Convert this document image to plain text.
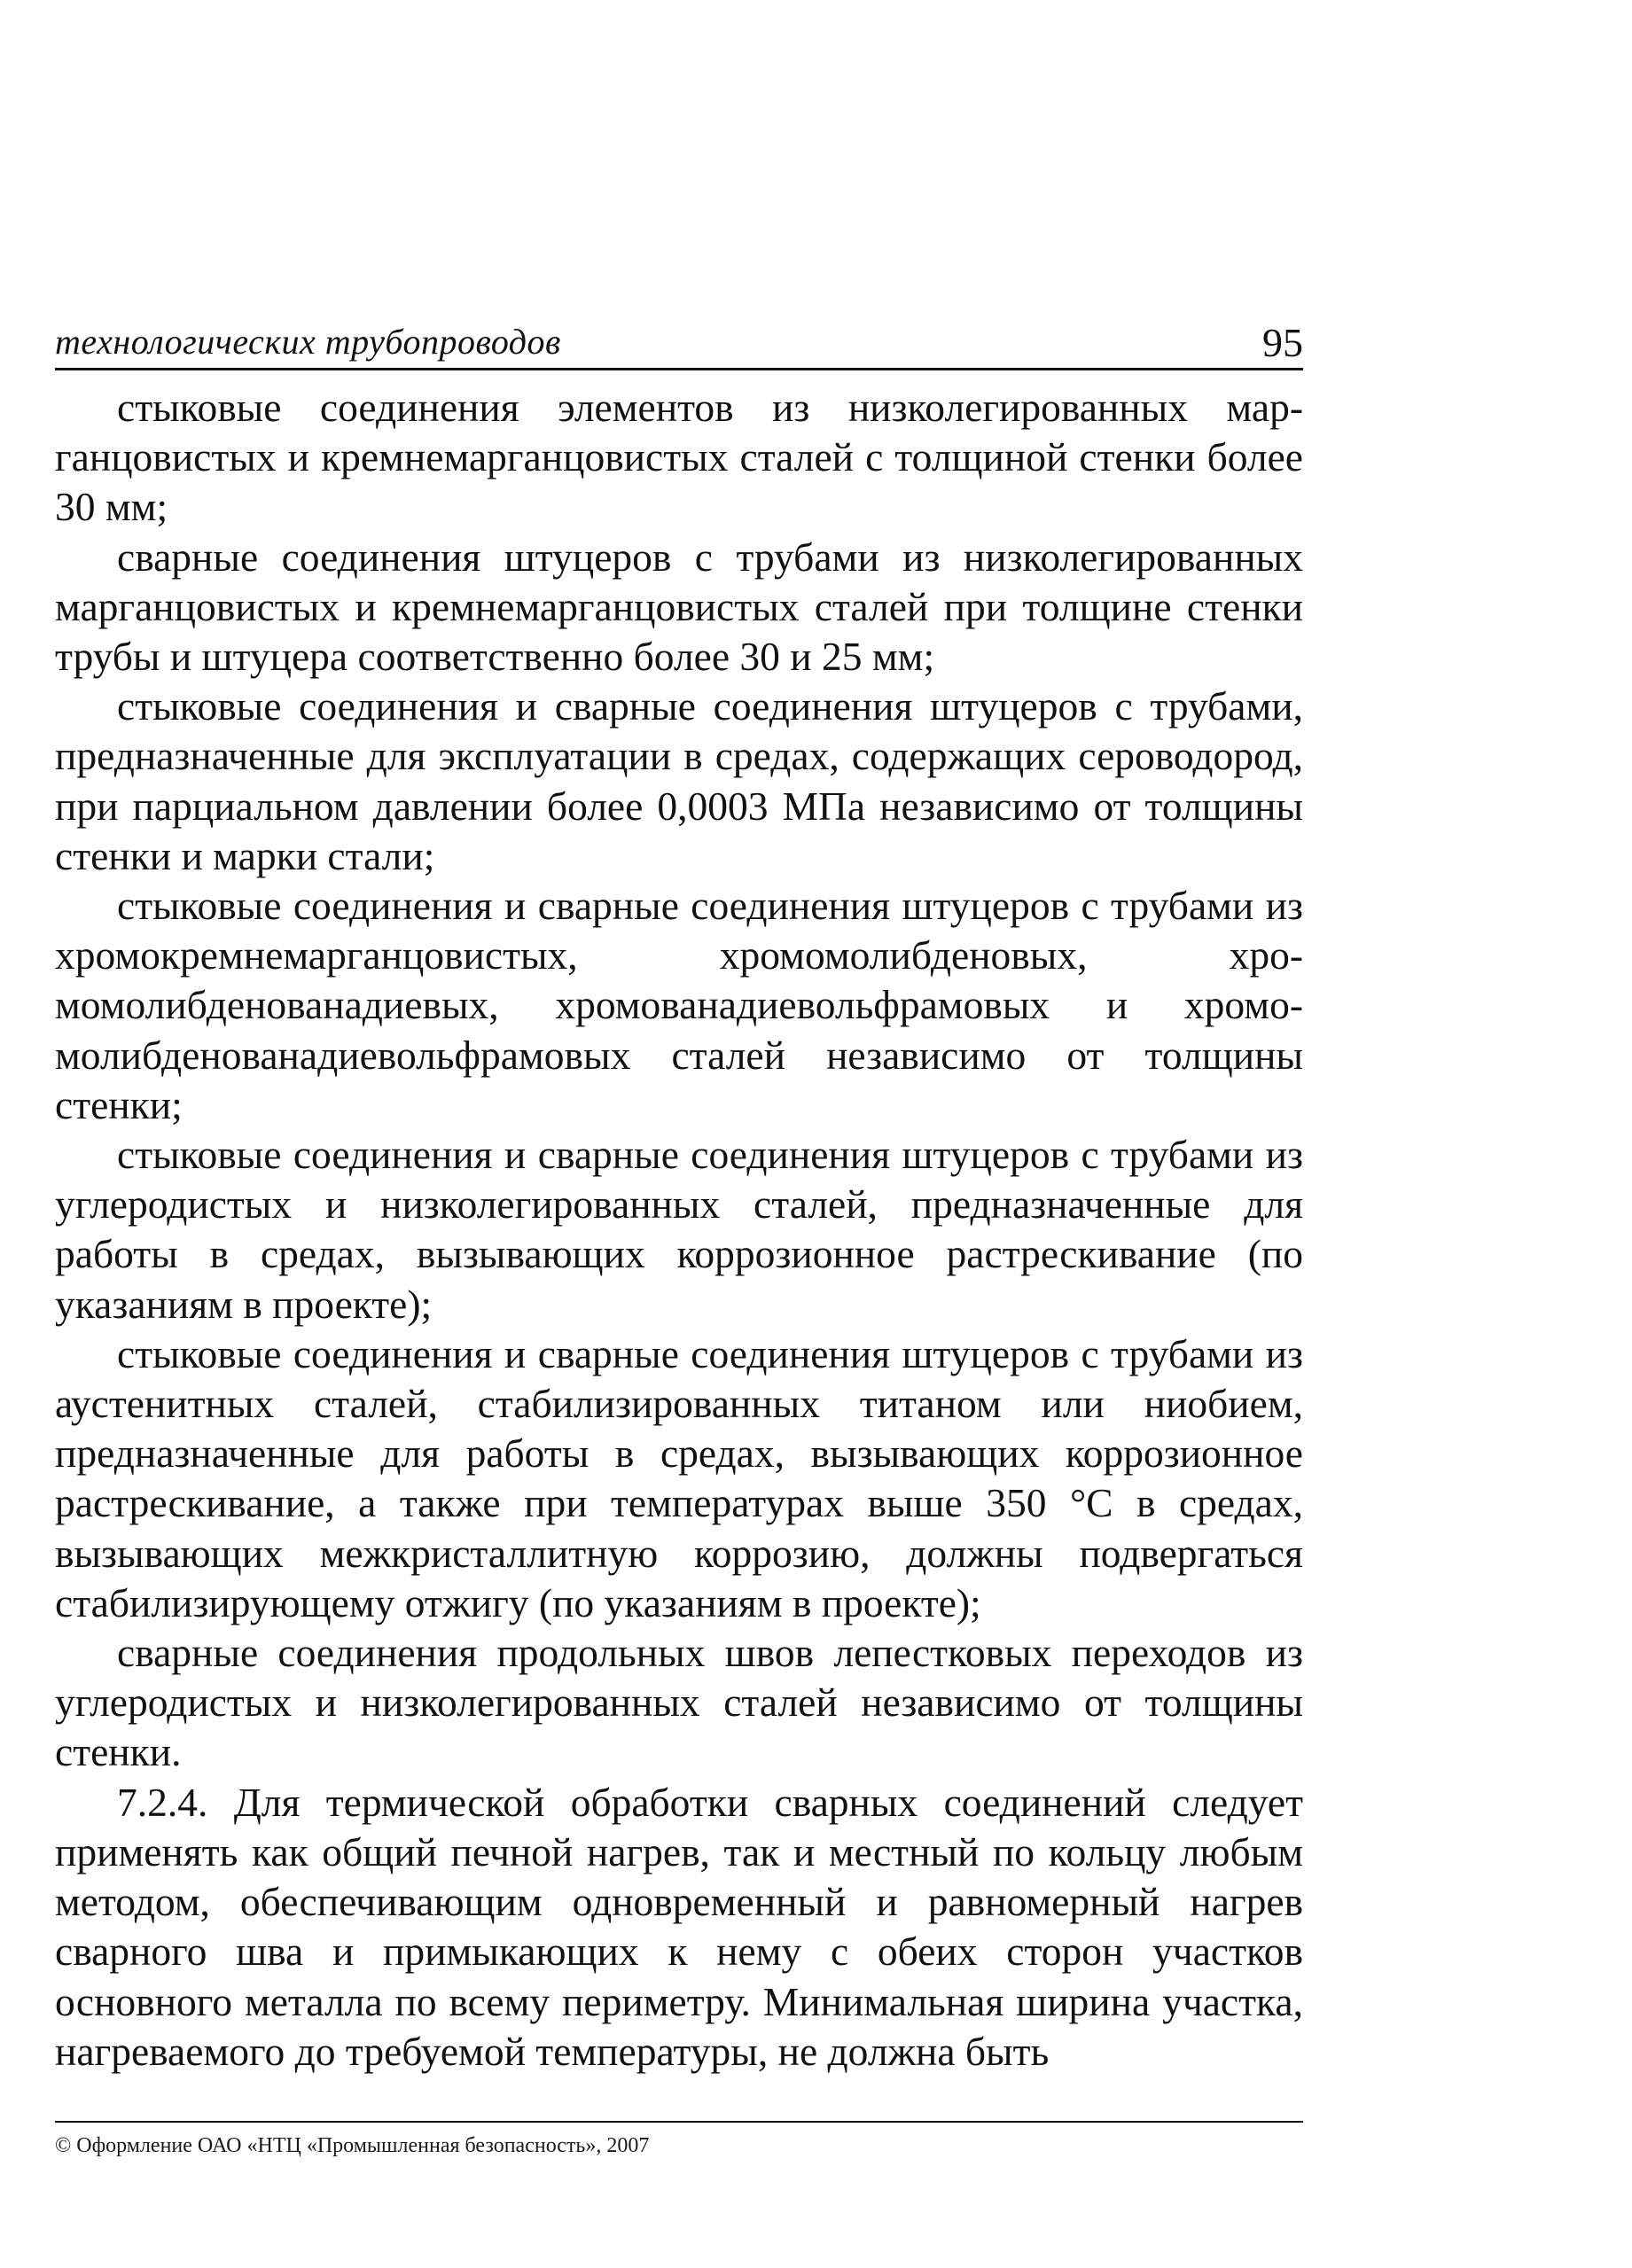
технологических трубопроводов	95

стыковые соединения элементов из низколегированных марганцовистых и кремнемарганцовистых сталей с толщиной стенки более 30 мм;

сварные соединения штуцеров с трубами из низколегированных марганцовистых и кремнемарганцовистых сталей при толщине стенки трубы и штуцера соответственно более 30 и 25 мм;

стыковые соединения и сварные соединения штуцеров с трубами, предназначенные для эксплуатации в средах, содержащих сероводород, при парциальном давлении более 0,0003 МПа независимо от толщины стенки и марки стали;

стыковые соединения и сварные соединения штуцеров с трубами из хромокремнемарганцовистых, хромомолибденовых, хромомолибденованадиевых, хромованадиевольфрамовых и хромомолибденованадиевольфрамовых сталей независимо от толщины стенки;

стыковые соединения и сварные соединения штуцеров с трубами из углеродистых и низколегированных сталей, предназначенные для работы в средах, вызывающих коррозионное растрескивание (по указаниям в проекте);

стыковые соединения и сварные соединения штуцеров с трубами из аустенитных сталей, стабилизированных титаном или ниобием, предназначенные для работы в средах, вызывающих коррозионное растрескивание, а также при температурах выше 350 °С в средах, вызывающих межкристаллитную коррозию, должны подвергаться стабилизирующему отжигу (по указаниям в проекте);

сварные соединения продольных швов лепестковых переходов из углеродистых и низколегированных сталей независимо от толщины стенки.

7.2.4. Для термической обработки сварных соединений следует применять как общий печной нагрев, так и местный по кольцу любым методом, обеспечивающим одновременный и равномерный нагрев сварного шва и примыкающих к нему с обеих сторон участков основного металла по всему периметру. Минимальная ширина участка, нагреваемого до требуемой температуры, не должна быть

© Оформление ОАО «НТЦ «Промышленная безопасность», 2007
